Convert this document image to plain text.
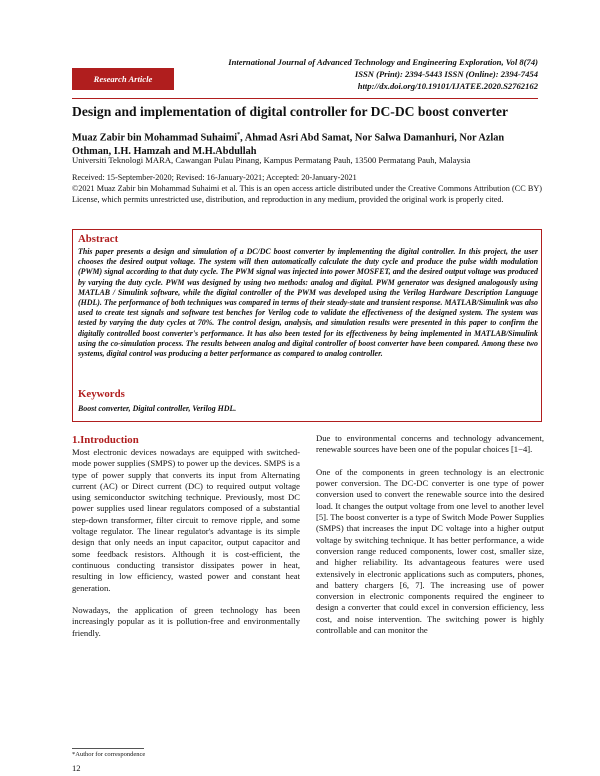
International Journal of Advanced Technology and Engineering Exploration, Vol 8(74)
ISSN (Print): 2394-5443 ISSN (Online): 2394-7454
http://dx.doi.org/10.19101/IJATEE.2020.S2762162
Research Article
Design and implementation of digital controller for DC-DC boost converter
Muaz Zabir bin Mohammad Suhaimi*, Ahmad Asri Abd Samat, Nor Salwa Damanhuri, Nor Azlan Othman, I.H. Hamzah and M.H.Abdullah
Universiti Teknologi MARA, Cawangan Pulau Pinang, Kampus Permatang Pauh, 13500 Permatang Pauh, Malaysia
Received: 15-September-2020; Revised: 16-January-2021; Accepted: 20-January-2021
©2021 Muaz Zabir bin Mohammad Suhaimi et al. This is an open access article distributed under the Creative Commons Attribution (CC BY) License, which permits unrestricted use, distribution, and reproduction in any medium, provided the original work is properly cited.
Abstract
This paper presents a design and simulation of a DC/DC boost converter by implementing the digital controller. In this project, the user chooses the desired output voltage. The system will then automatically calculate the duty cycle and produce the pulse width modulation (PWM) signal according to that duty cycle. The PWM signal was injected into power MOSFET, and the desired output voltage was produced by varying the duty cycle. PWM was designed by using two methods: analog and digital. PWM generator was designed analogously using MATLAB / Simulink software, while the digital controller of the PWM was developed using the Verilog Hardware Description Language (HDL). The performance of both techniques was compared in terms of their steady-state and transient response. MATLAB/Simulink was also used to create test signals and software test benches for Verilog code to validate the effectiveness of the designed system. The system was tested by varying the duty cycles at 70%. The control design, analysis, and simulation results were presented in this paper to confirm the digitally controlled boost converter's performance. It has also been tested for its effectiveness by being implemented in MATLAB/Simulink using the co-simulation process. The results between analog and digital controller of boost converter have been compared. Among these two systems, digital control was producing a better performance as compared to analog controller.
Keywords
Boost converter, Digital controller, Verilog HDL.
1.Introduction

Most electronic devices nowadays are equipped with switched-mode power supplies (SMPS) to power up the devices. SMPS is a type of power supply that converts its input from Alternating current (AC) or Direct current (DC) to required output voltage using semiconductor switching technique. Previously, most DC power supplies used linear regulators composed of a substantial step-down transformer, filter circuit to remove ripple, and some voltage regulator. The linear regulator's advantage is its simple design that only needs an input capacitor, output capacitor and some feedback resistors. Although it is cost-efficient, the continuous conducting transistor dissipates power in heat, resulting in low efficiency, wasted power and constant heat generation.

Nowadays, the application of green technology has been increasingly popular as it is pollution-free and environmentally friendly.

Due to environmental concerns and technology advancement, renewable sources have been one of the popular choices [1−4].

One of the components in green technology is an electronic power conversion. The DC-DC converter is one type of power conversion used to convert the renewable source into the desired load. It changes the output voltage from one level to another level [5]. The boost converter is a type of Switch Mode Power Supplies (SMPS) that increases the input DC voltage into a higher output voltage by switching technique. It has better performance, a wide conversion range reduced components, lower cost, smaller size, and higher reliability. Its advantageous features were used extensively in electronic applications such as computers, phones, and battery chargers [6, 7]. The increasing use of power conversion in electronic components required the engineer to design a converter that could excel in conversion efficiency, less cost, and noise intervention. The switching power is highly controllable and can monitor the

*Author for correspondence
12
